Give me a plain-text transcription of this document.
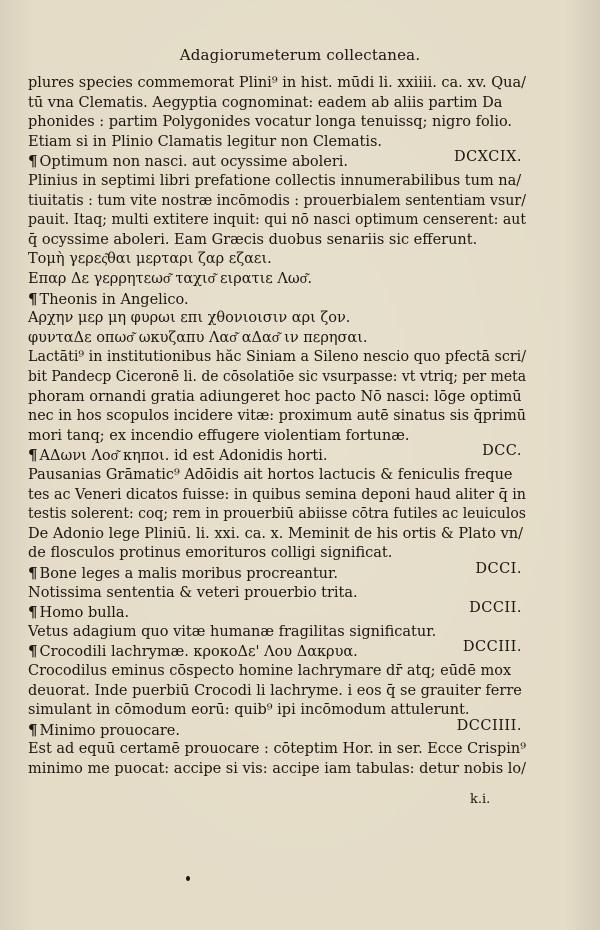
Adagiorumeterum collectanea.
plures species commemorat Plini⁹ in hist. mūdi li. xxiiii. ca. xv. Qua/
tū vna Clematis. Aegyptia cognominat: eadem ab aliis partim Da
phonides : partim Polygonides vocatur longa tenuissq; nigro folio.
Etiam si in Plinio Clamatis legitur non Clematis.
¶ Optimum non nasci. aut ocyssime aboleri.
Plinius in septimi libri prefatione collectis innumerabilibus tum na/
tiuitatis : tum vite nostræ incōmodis : prouerbialem sententiam vsur/
pauit. Itaq; multi extitere inquit: qui nō nasci optimum censerent: aut
q̄ ocyssime aboleri. Eam Græcis duobus senariis sic efferunt.
Τομὴ γερες͂θαι μερταρι ζαρ εζαει.
Επαρ Δε γερρητεωσ͂ ταχισ͂ ειρατιε Λωσ͂.
¶ Theonis in Angelico.
Αρχην μερ μη φυρωι επι χθονιοισιν αρι ζον.
φυνταΔε οπωσ͂ ωκυζαπυ Λασ͂ αΔασ͂ ιν περησαι.
Lactāti⁹ in institutionibus hăc Siniam a Sileno nescio quo pfectā scri/
bit Pandecp Ciceronē li. de cōsolatiōe sic vsurpasse: vt vtriq; per meta
phoram ornandi gratia adiungeret hoc pacto Nō nasci: lōge optimū
nec in hos scopulos incidere vitæ: proximum autē sinatus sis q̄primū
mori tanq; ex incendio effugere violentiam fortunæ.
¶ ΑΔωνι Λοσ͂ κηποι. id est Adonidis horti.
Pausanias Grāmatic⁹ Adōidis ait hortos lactucis & feniculis freque
tes ac Veneri dicatos fuisse: in quibus semina deponi haud aliter q̄ in
testis solerent: coq; rem in prouerbiū abiisse cōtra futiles ac leuiculos
De Adonio lege Pliniū. li. xxi. ca. x. Meminit de his ortis & Plato vn/
de flosculos protinus emorituros colligi significat.
¶ Bone leges a malis moribus procreantur.
Notissima sententia & veteri prouerbio trita.
¶ Homo bulla.
Vetus adagium quo vitæ humanæ fragilitas significatur.
¶ Crocodili lachrymæ. κροκοΔε' Λου Δακρυα.
Crocodilus eminus cōspecto homine lachrymare dr̄ atq; eūdē mox
deuorat. Inde puerbiū Crocodi li lachryme. i eos q̄ se grauiter ferre
simulant in cōmodum eorū: quib⁹ ipi incōmodum attulerunt.
¶ Minimo prouocare.
Est ad equū certamē prouocare : cōteptim Hor. in ser. Ecce Crispin⁹
minimo me puocat: accipe si vis: accipe iam tabulas: detur nobis lo/
DCXCIX.
DCC.
DCCI.
DCCII.
DCCIII.
DCCIIII.
k.i.
